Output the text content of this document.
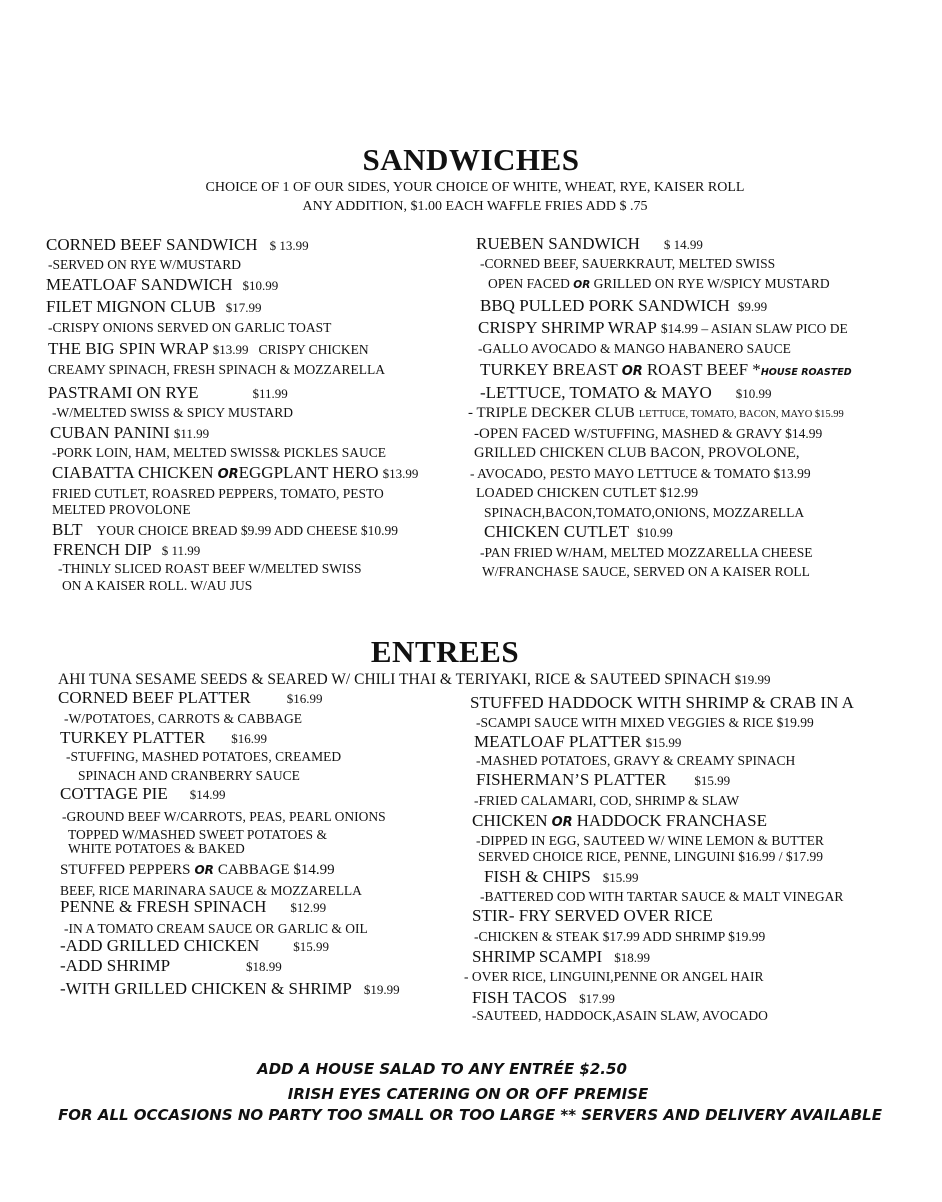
SANDWICHES
CHOICE OF 1 OF OUR SIDES, YOUR CHOICE OF WHITE, WHEAT, RYE, KAISER ROLL
ANY ADDITION, $1.00 EACH WAFFLE FRIES ADD $ .75
CORNED BEEF SANDWICH $ 13.99
-SERVED ON RYE W/MUSTARD
MEATLOAF SANDWICH $10.99
FILET MIGNON CLUB $17.99
-CRISPY ONIONS SERVED ON GARLIC TOAST
THE BIG SPIN WRAP $13.99 CRISPY CHICKEN
CREAMY SPINACH, FRESH SPINACH & MOZZARELLA
PASTRAMI ON RYE	$11.99
-W/MELTED SWISS & SPICY MUSTARD
CUBAN PANINI $11.99
-PORK LOIN, HAM, MELTED SWISS& PICKLES SAUCE
CIABATTA CHICKEN OREGGPLANT HERO $13.99
FRIED CUTLET, ROASRED PEPPERS, TOMATO, PESTO
MELTED PROVOLONE
BLT YOUR CHOICE BREAD $9.99 ADD CHEESE $10.99
FRENCH DIP $ 11.99
-THINLY SLICED ROAST BEEF W/MELTED SWISS
ON A KAISER ROLL. W/AU JUS
RUEBEN SANDWICH $ 14.99
-CORNED BEEF, SAUERKRAUT, MELTED SWISS
OPEN FACED OR GRILLED ON RYE W/SPICY MUSTARD
BBQ PULLED PORK SANDWICH $9.99
CRISPY SHRIMP WRAP $14.99 – ASIAN SLAW PICO DE
-GALLO AVOCADO & MANGO HABANERO SAUCE
TURKEY BREAST OR ROAST BEEF *HOUSE ROASTED
-LETTUCE, TOMATO & MAYO $10.99
- TRIPLE DECKER CLUB LETTUCE, TOMATO, BACON, MAYO $15.99
-OPEN FACED W/STUFFING, MASHED & GRAVY $14.99
GRILLED CHICKEN CLUB BACON, PROVOLONE,
- AVOCADO, PESTO MAYO LETTUCE & TOMATO $13.99
LOADED CHICKEN CUTLET $12.99
SPINACH,BACON,TOMATO,ONIONS, MOZZARELLA
CHICKEN CUTLET $10.99
-PAN FRIED W/HAM, MELTED MOZZARELLA CHEESE
W/FRANCHASE SAUCE, SERVED ON A KAISER ROLL
ENTREES
AHI TUNA SESAME SEEDS & SEARED W/ CHILI THAI & TERIYAKI, RICE & SAUTEED SPINACH $19.99
CORNED BEEF PLATTER	$16.99
-W/POTATOES, CARROTS & CABBAGE
TURKEY PLATTER $16.99
-STUFFING, MASHED POTATOES, CREAMED
SPINACH AND CRANBERRY SAUCE
COTTAGE PIE $14.99
-GROUND BEEF W/CARROTS, PEAS, PEARL ONIONS
TOPPED W/MASHED SWEET POTATOES &
WHITE POTATOES & BAKED
STUFFED PEPPERS OR CABBAGE $14.99
BEEF, RICE MARINARA SAUCE & MOZZARELLA
PENNE & FRESH SPINACH $12.99
-IN A TOMATO CREAM SAUCE OR GARLIC & OIL
-ADD GRILLED CHICKEN	$15.99
-ADD SHRIMP	$18.99
-WITH GRILLED CHICKEN & SHRIMP $19.99
STUFFED HADDOCK WITH SHRIMP & CRAB IN A
-SCAMPI SAUCE WITH MIXED VEGGIES & RICE $19.99
MEATLOAF PLATTER $15.99
-MASHED POTATOES, GRAVY & CREAMY SPINACH
FISHERMAN’S PLATTER $15.99
-FRIED CALAMARI, COD, SHRIMP & SLAW
CHICKEN OR HADDOCK FRANCHASE
-DIPPED IN EGG, SAUTEED W/ WINE LEMON & BUTTER
SERVED CHOICE RICE, PENNE, LINGUINI $16.99 / $17.99
FISH & CHIPS $15.99
-BATTERED COD WITH TARTAR SAUCE & MALT VINEGAR
STIR- FRY SERVED OVER RICE
-CHICKEN & STEAK $17.99 ADD SHRIMP $19.99
SHRIMP SCAMPI $18.99
- OVER RICE, LINGUINI,PENNE OR ANGEL HAIR
FISH TACOS $17.99
-SAUTEED, HADDOCK,ASAIN SLAW, AVOCADO
ADD A HOUSE SALAD TO ANY ENTRÉE $2.50
IRISH EYES CATERING ON OR OFF PREMISE
FOR ALL OCCASIONS NO PARTY TOO SMALL OR TOO LARGE ** SERVERS AND DELIVERY AVAILABLE
